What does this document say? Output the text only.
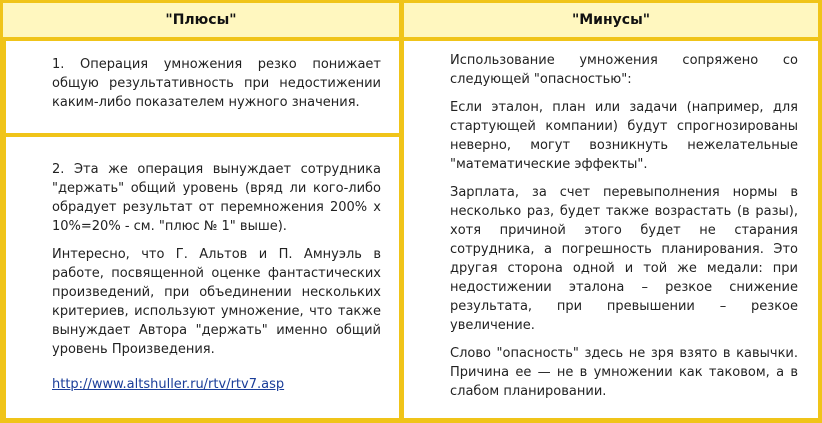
"Плюсы"	"Минусы"
1. Операция умножения резко понижает общую результативность при недостижении каким-либо показателем нужного значения.

2. Эта же операция вынуждает сотрудника "держать" общий уровень (вряд ли кого-либо обрадует результат от перемножения 200% х 10%=20% - см. "плюс № 1" выше).

Интересно, что Г. Альтов и П. Амнуэль в работе, посвященной оценке фантастических произведений, при объединении нескольких критериев, используют умножение, что также вынуждает Автора "держать" именно общий уровень Произведения.

http://www.altshuller.ru/rtv/rtv7.asp

Использование умножения сопряжено со следующей "опасностью":

Если эталон, план или задачи (например, для стартующей компании) будут спрогнозированы неверно, могут возникнуть нежелательные "математические эффекты".

Зарплата, за счет перевыполнения нормы в несколько раз, будет также возрастать (в разы), хотя причиной этого будет не старания сотрудника, а погрешность планирования. Это другая сторона одной и той же медали: при недостижении эталона – резкое снижение результата, при превышении – резкое увеличение.

Слово "опасность" здесь не зря взято в кавычки. Причина ее — не в умножении как таковом, а в слабом планировании.
